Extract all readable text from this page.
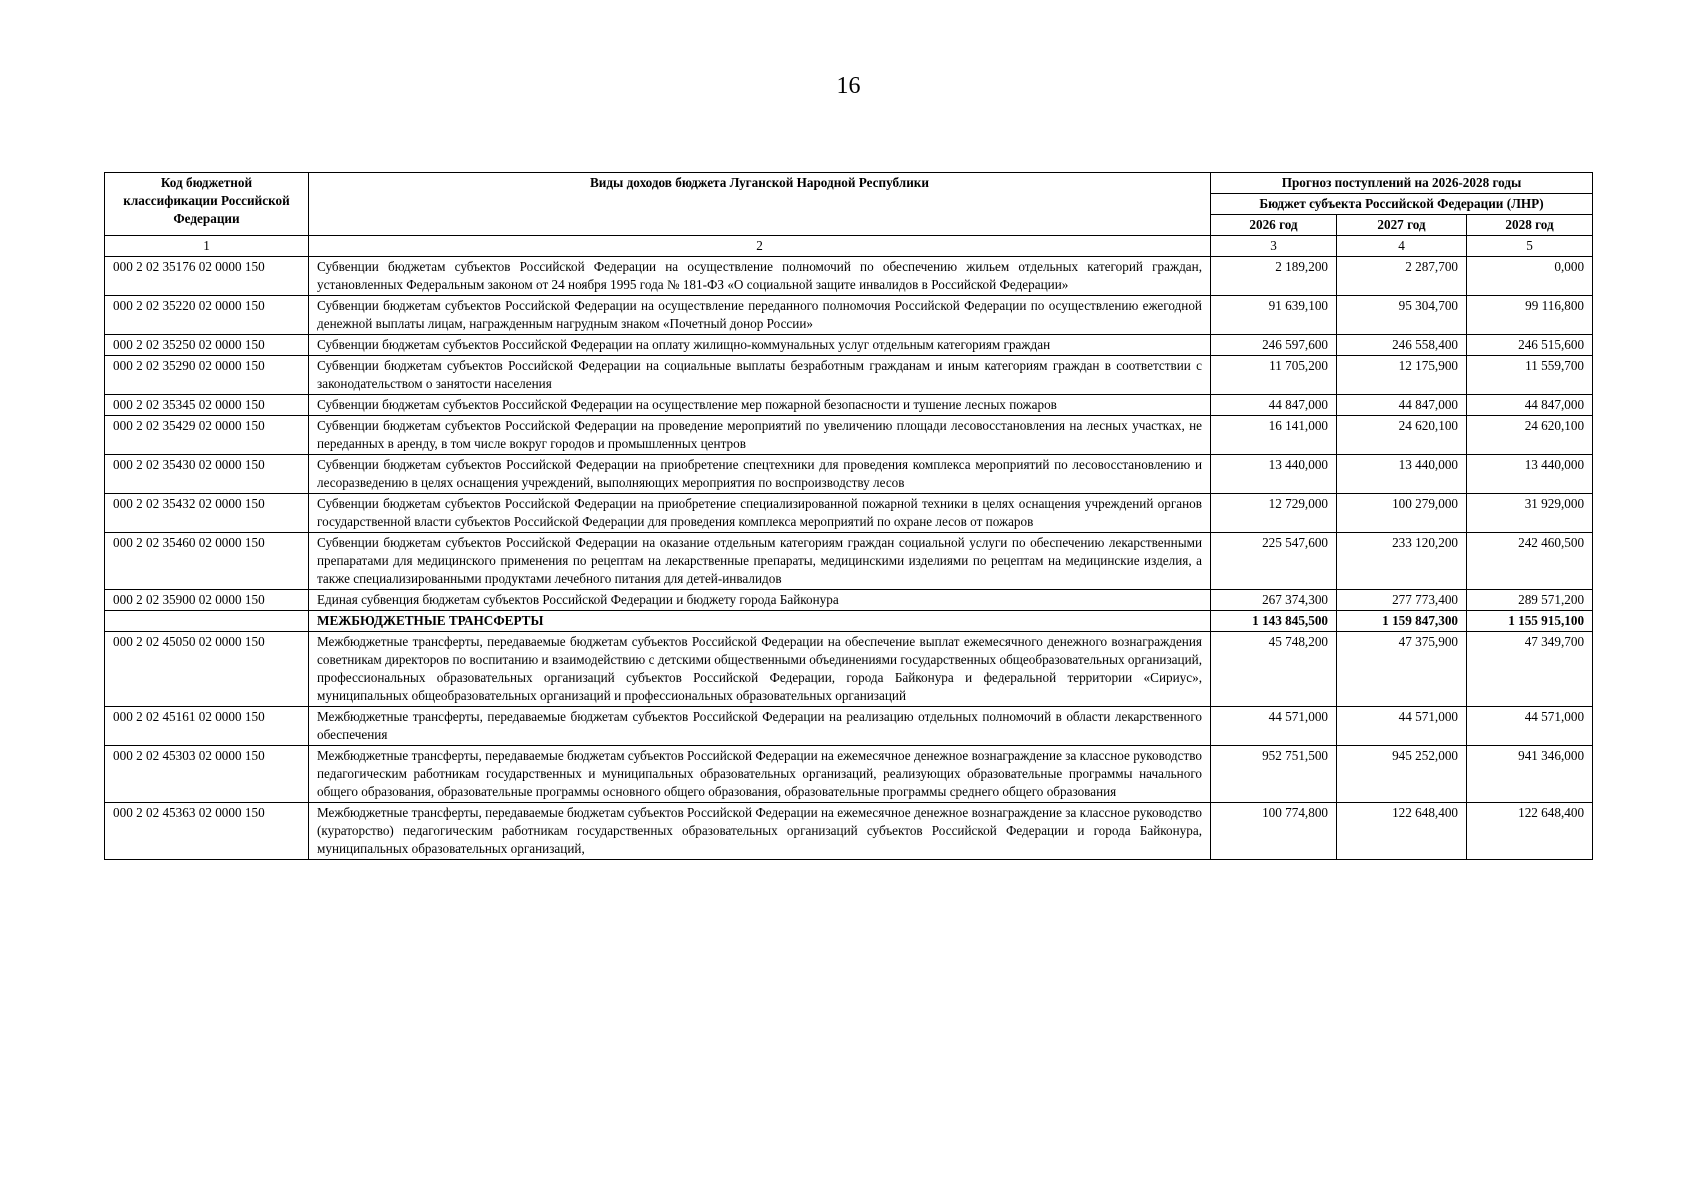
16
Код бюджетной классификации Российской Федерации	Виды доходов бюджета Луганской Народной Республики	Прогноз поступлений на 2026-2028 годы		
		Бюджет субъекта Российской Федерации (ЛНР)		
		2026 год	2027 год	2028 год
1	2	3	4	5
000 2 02 35176 02 0000 150	Субвенции бюджетам субъектов Российской Федерации на осуществление полномочий по обеспечению жильем отдельных категорий граждан, установленных Федеральным законом от 24 ноября 1995 года № 181-ФЗ «О социальной защите инвалидов в Российской Федерации»	2 189,200	2 287,700	0,000
000 2 02 35220 02 0000 150	Субвенции бюджетам субъектов Российской Федерации на осуществление переданного полномочия Российской Федерации по осуществлению ежегодной денежной выплаты лицам, награжденным нагрудным знаком «Почетный донор России»	91 639,100	95 304,700	99 116,800
000 2 02 35250 02 0000 150	Субвенции бюджетам субъектов Российской Федерации на оплату жилищно-коммунальных услуг отдельным категориям граждан	246 597,600	246 558,400	246 515,600
000 2 02 35290 02 0000 150	Субвенции бюджетам субъектов Российской Федерации на социальные выплаты безработным гражданам и иным категориям граждан в соответствии с законодательством о занятости населения	11 705,200	12 175,900	11 559,700
000 2 02 35345 02 0000 150	Субвенции бюджетам субъектов Российской Федерации на осуществление мер пожарной безопасности и тушение лесных пожаров	44 847,000	44 847,000	44 847,000
000 2 02 35429 02 0000 150	Субвенции бюджетам субъектов Российской Федерации на проведение мероприятий по увеличению площади лесовосстановления на лесных участках, не переданных в аренду, в том числе вокруг городов и промышленных центров	16 141,000	24 620,100	24 620,100
000 2 02 35430 02 0000 150	Субвенции бюджетам субъектов Российской Федерации на приобретение спецтехники для проведения комплекса мероприятий по лесовосстановлению и лесоразведению в целях оснащения учреждений, выполняющих мероприятия по воспроизводству лесов	13 440,000	13 440,000	13 440,000
000 2 02 35432 02 0000 150	Субвенции бюджетам субъектов Российской Федерации на приобретение специализированной пожарной техники в целях оснащения учреждений органов государственной власти субъектов Российской Федерации для проведения комплекса мероприятий по охране лесов от пожаров	12 729,000	100 279,000	31 929,000
000 2 02 35460 02 0000 150	Субвенции бюджетам субъектов Российской Федерации на оказание отдельным категориям граждан социальной услуги по обеспечению лекарственными препаратами для медицинского применения по рецептам на лекарственные препараты, медицинскими изделиями по рецептам на медицинские изделия, а также специализированными продуктами лечебного питания для детей-инвалидов	225 547,600	233 120,200	242 460,500
000 2 02 35900 02 0000 150	Единая субвенция бюджетам субъектов Российской Федерации и бюджету города Байконура	267 374,300	277 773,400	289 571,200
	МЕЖБЮДЖЕТНЫЕ ТРАНСФЕРТЫ	1 143 845,500	1 159 847,300	1 155 915,100
000 2 02 45050 02 0000 150	Межбюджетные трансферты, передаваемые бюджетам субъектов Российской Федерации на обеспечение выплат ежемесячного денежного вознаграждения советникам директоров по воспитанию и взаимодействию с детскими общественными объединениями государственных общеобразовательных организаций, профессиональных образовательных организаций субъектов Российской Федерации, города Байконура и федеральной территории «Сириус», муниципальных общеобразовательных организаций и профессиональных образовательных организаций	45 748,200	47 375,900	47 349,700
000 2 02 45161 02 0000 150	Межбюджетные трансферты, передаваемые бюджетам субъектов Российской Федерации на реализацию отдельных полномочий в области лекарственного обеспечения	44 571,000	44 571,000	44 571,000
000 2 02 45303 02 0000 150	Межбюджетные трансферты, передаваемые бюджетам субъектов Российской Федерации на ежемесячное денежное вознаграждение за классное руководство педагогическим работникам государственных и муниципальных образовательных организаций, реализующих образовательные программы начального общего образования, образовательные программы основного общего образования, образовательные программы среднего общего образования	952 751,500	945 252,000	941 346,000
000 2 02 45363 02 0000 150	Межбюджетные трансферты, передаваемые бюджетам субъектов Российской Федерации на ежемесячное денежное вознаграждение за классное руководство (кураторство) педагогическим работникам государственных образовательных организаций субъектов Российской Федерации и города Байконура, муниципальных образовательных организаций,	100 774,800	122 648,400	122 648,400
